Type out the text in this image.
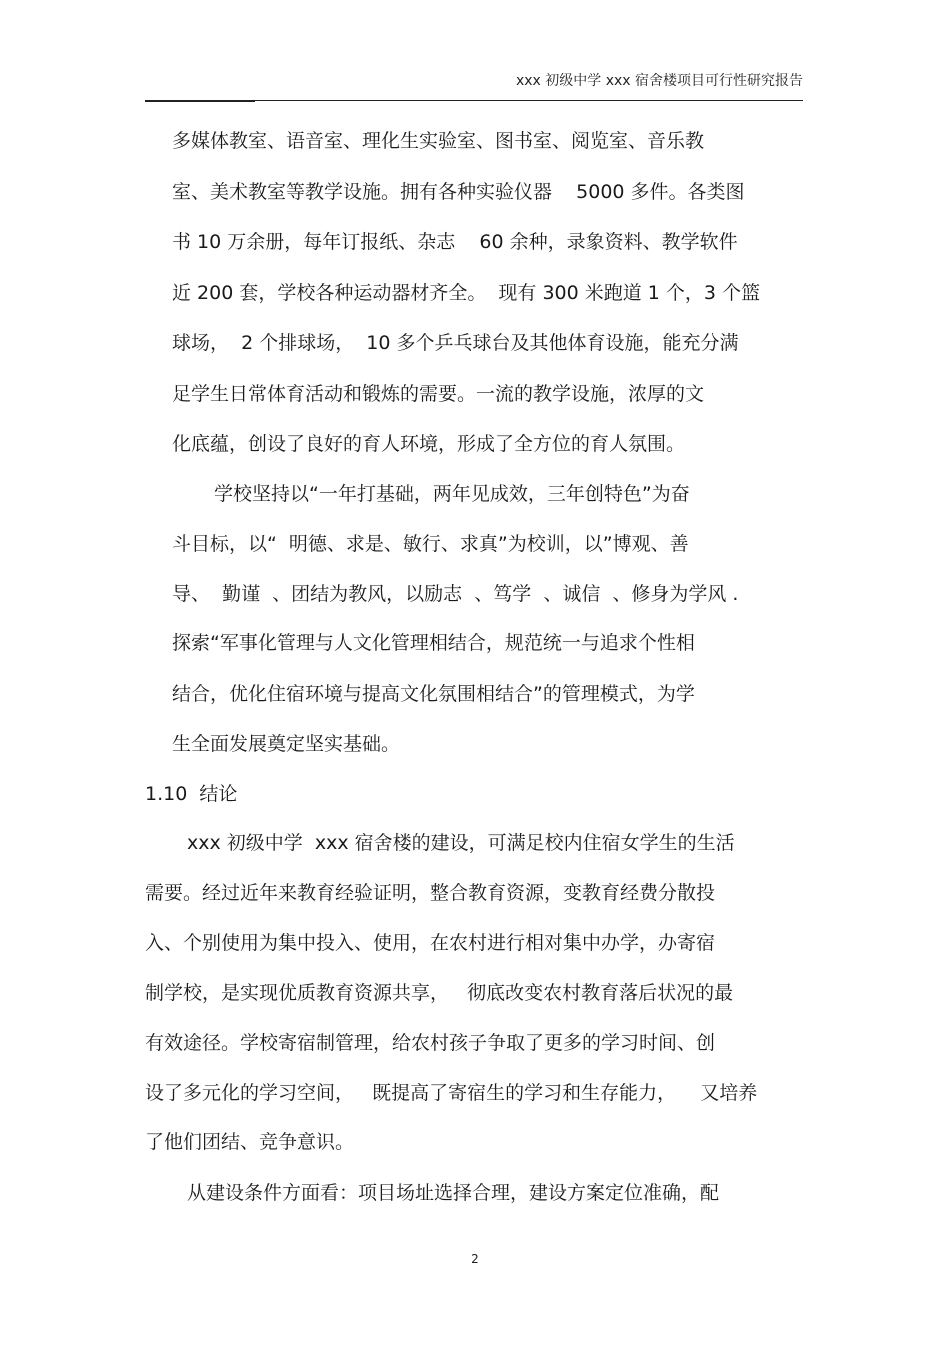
xxx 初级中学 xxx 宿舍楼项目可行性研究报告
多媒体教室、语音室、理化生实验室、图书室、阅览室、音乐教
室、美术教室等教学设施。拥有各种实验仪器    5000 多件。各类图
书 10 万余册，每年订报纸、杂志    60 余种，录象资料、教学软件
近 200 套，学校各种运动器材齐全。  现有 300 米跑道 1 个，3 个篮
球场，  2 个排球场，  10 多个乒乓球台及其他体育设施，能充分满
足学生日常体育活动和锻炼的需要。一流的教学设施，浓厚的文
化底蕴，创设了良好的育人环境，形成了全方位的育人氛围。
学校坚持以“一年打基础，两年见成效，三年创特色”为奋
斗目标，以“  明德、求是、敏行、求真”为校训，以”博观、善
导、  勤谨  、团结为教风，以励志  、笃学  、诚信  、修身为学风 .
探索“军事化管理与人文化管理相结合，规范统一与追求个性相
结合，优化住宿环境与提高文化氛围相结合”的管理模式，为学
生全面发展奠定坚实基础。
1.10  结论
xxx 初级中学  xxx 宿舍楼的建设，可满足校内住宿女学生的生活
需要。经过近年来教育经验证明，整合教育资源，变教育经费分散投
入、个别使用为集中投入、使用，在农村进行相对集中办学，办寄宿
制学校，是实现优质教育资源共享，   彻底改变农村教育落后状况的最
有效途径。学校寄宿制管理，给农村孩子争取了更多的学习时间、创
设了多元化的学习空间，   既提高了寄宿生的学习和生存能力，    又培养
了他们团结、竞争意识。
从建设条件方面看：项目场址选择合理，建设方案定位准确，配
2
